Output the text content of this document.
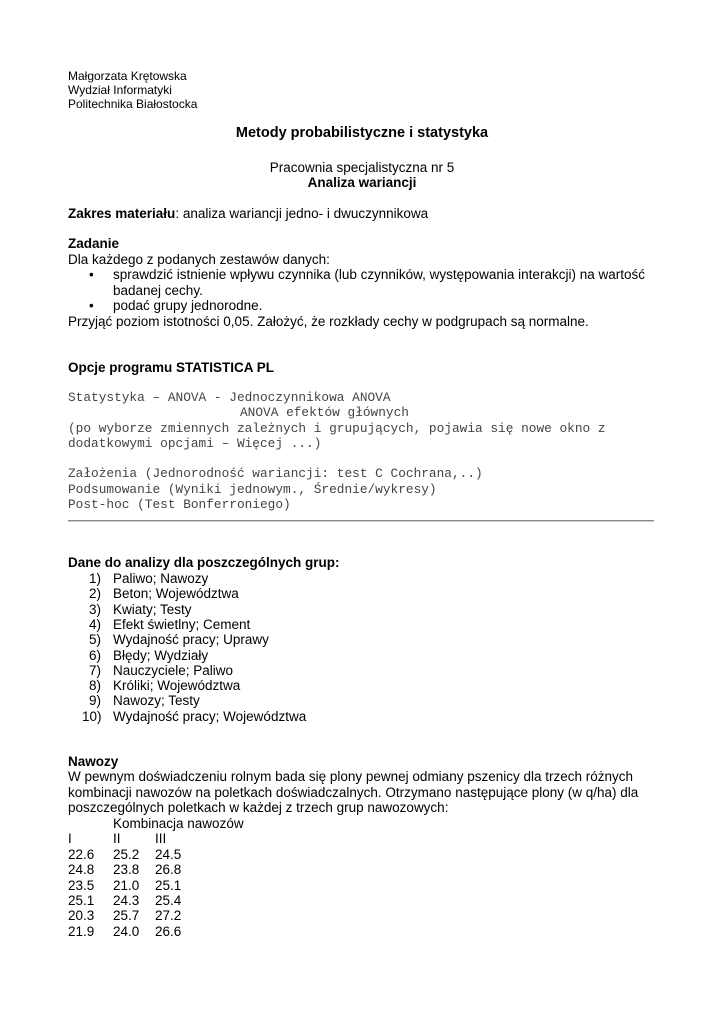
Małgorzata Krętowska
Wydział Informatyki
Politechnika Białostocka
Metody probabilistyczne i statystyka
Pracownia specjalistyczna nr 5
Analiza wariancji
Zakres materiału: analiza wariancji jedno- i dwuczynnikowa
Zadanie
Dla każdego z podanych zestawów danych:
• sprawdzić istnienie wpływu czynnika (lub czynników, występowania interakcji) na wartość
badanej cechy.
• podać grupy jednorodne.
Przyjąć poziom istotności 0,05. Założyć, że rozkłady cechy w podgrupach są normalne.
Opcje programu STATISTICA PL
Statystyka – ANOVA - Jednoczynnikowa ANOVA
ANOVA efektów głównych
(po wyborze zmiennych zależnych i grupujących, pojawia się nowe okno z
dodatkowymi opcjami – Więcej ...)
Założenia (Jednorodność wariancji: test C Cochrana,..)
Podsumowanie (Wyniki jednowym., Średnie/wykresy)
Post-hoc (Test Bonferroniego)
Dane do analizy dla poszczególnych grup:
1) Paliwo; Nawozy
2) Beton; Województwa
3) Kwiaty; Testy
4) Efekt świetlny; Cement
5) Wydajność pracy; Uprawy
6) Błędy; Wydziały
7) Nauczyciele; Paliwo
8) Króliki; Województwa
9) Nawozy; Testy
10) Wydajność pracy; Województwa
Nawozy
W pewnym doświadczeniu rolnym bada się plony pewnej odmiany pszenicy dla trzech różnych
kombinacji nawozów na poletkach doświadczalnych. Otrzymano następujące plony (w q/ha) dla
poszczególnych poletkach w każdej z trzech grup nawozowych:
Kombinacja nawozów
I	II	III
22.6 25.2 24.5
24.8 23.8 26.8
23.5 21.0 25.1
25.1 24.3 25.4
20.3 25.7 27.2
21.9 24.0 26.6
